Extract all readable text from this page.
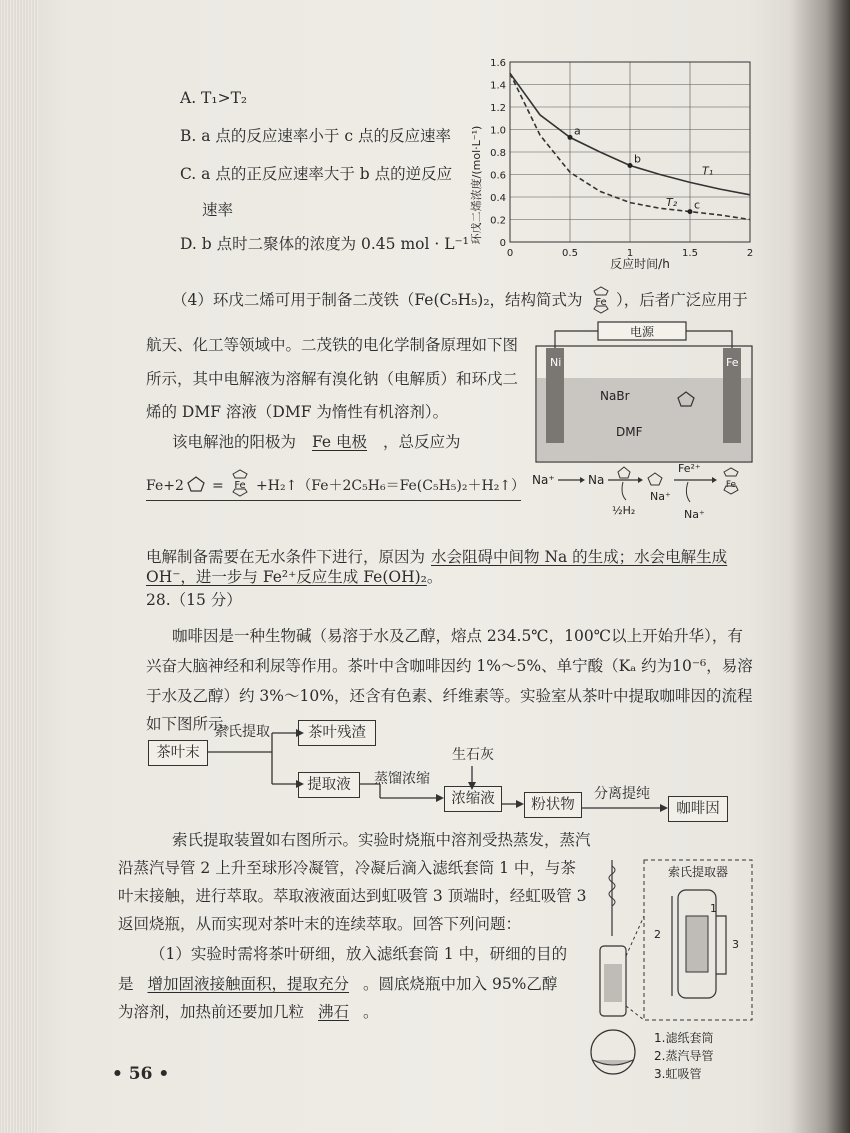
A. T₁>T₂
B. a 点的反应速率小于 c 点的反应速率
C. a 点的正反应速率大于 b 点的逆反应
速率
D. b 点时二聚体的浓度为 0.45 mol · L⁻¹	0
0.2
0.4
0.6
0.8
1.0
1.2
1.4
1.6
0	0.5	1	1.5	2
T₁
T₂
a
b
c
反应时间/h
环戊二烯浓度/(mol·L⁻¹)
（4）环戊二烯可用于制备二茂铁（Fe(C₅H₅)₂，结构简式为 Fe ），后者广泛应用于
航天、化工等领域中。二茂铁的电化学制备原理如下图
所示，其中电解液为溶解有溴化钠（电解质）和环戊二
烯的 DMF 溶液（DMF 为惰性有机溶剂）。
该电解池的阳极为 Fe 电极 ，总反应为
电源
Ni	Fe
NaBr
DMF
Fe+2 = Fe +H₂↑（Fe＋2C₅H₆＝Fe(C₅H₅)₂＋H₂↑） Na⁺	Na
½H₂
Na⁺
Fe²⁺
Na⁺
Fe
电解制备需要在无水条件下进行，原因为 水会阻碍中间物 Na 的生成；水会电解生成
OH⁻，进一步与 Fe²⁺反应生成 Fe(OH)₂。
28.（15 分）
咖啡因是一种生物碱（易溶于水及乙醇，熔点 234.5℃，100℃以上开始升华），有
兴奋大脑神经和利尿等作用。茶叶中含咖啡因约 1%～5%、单宁酸（Kₐ 约为10⁻⁶，易溶
于水及乙醇）约 3%～10%，还含有色素、纤维素等。实验室从茶叶中提取咖啡因的流程
如下图所示。
茶叶末
索氏提取	茶叶残渣
提取液	蒸馏浓缩
生石灰
浓缩液	粉状物
分离提纯
咖啡因
索氏提取装置如右图所示。实验时烧瓶中溶剂受热蒸发，蒸汽
沿蒸汽导管 2 上升至球形冷凝管，冷凝后滴入滤纸套筒 1 中，与茶
叶末接触，进行萃取。萃取液液面达到虹吸管 3 顶端时，经虹吸管 3
返回烧瓶，从而实现对茶叶末的连续萃取。回答下列问题：
（1）实验时需将茶叶研细，放入滤纸套筒 1 中，研细的目的
是 增加固液接触面积，提取充分 。圆底烧瓶中加入 95%乙醇
为溶剂，加热前还要加几粒 沸石 。
索氏提取器
1
2
3
1.滤纸套筒
2.蒸汽导管
3.虹吸管
• 56 •
